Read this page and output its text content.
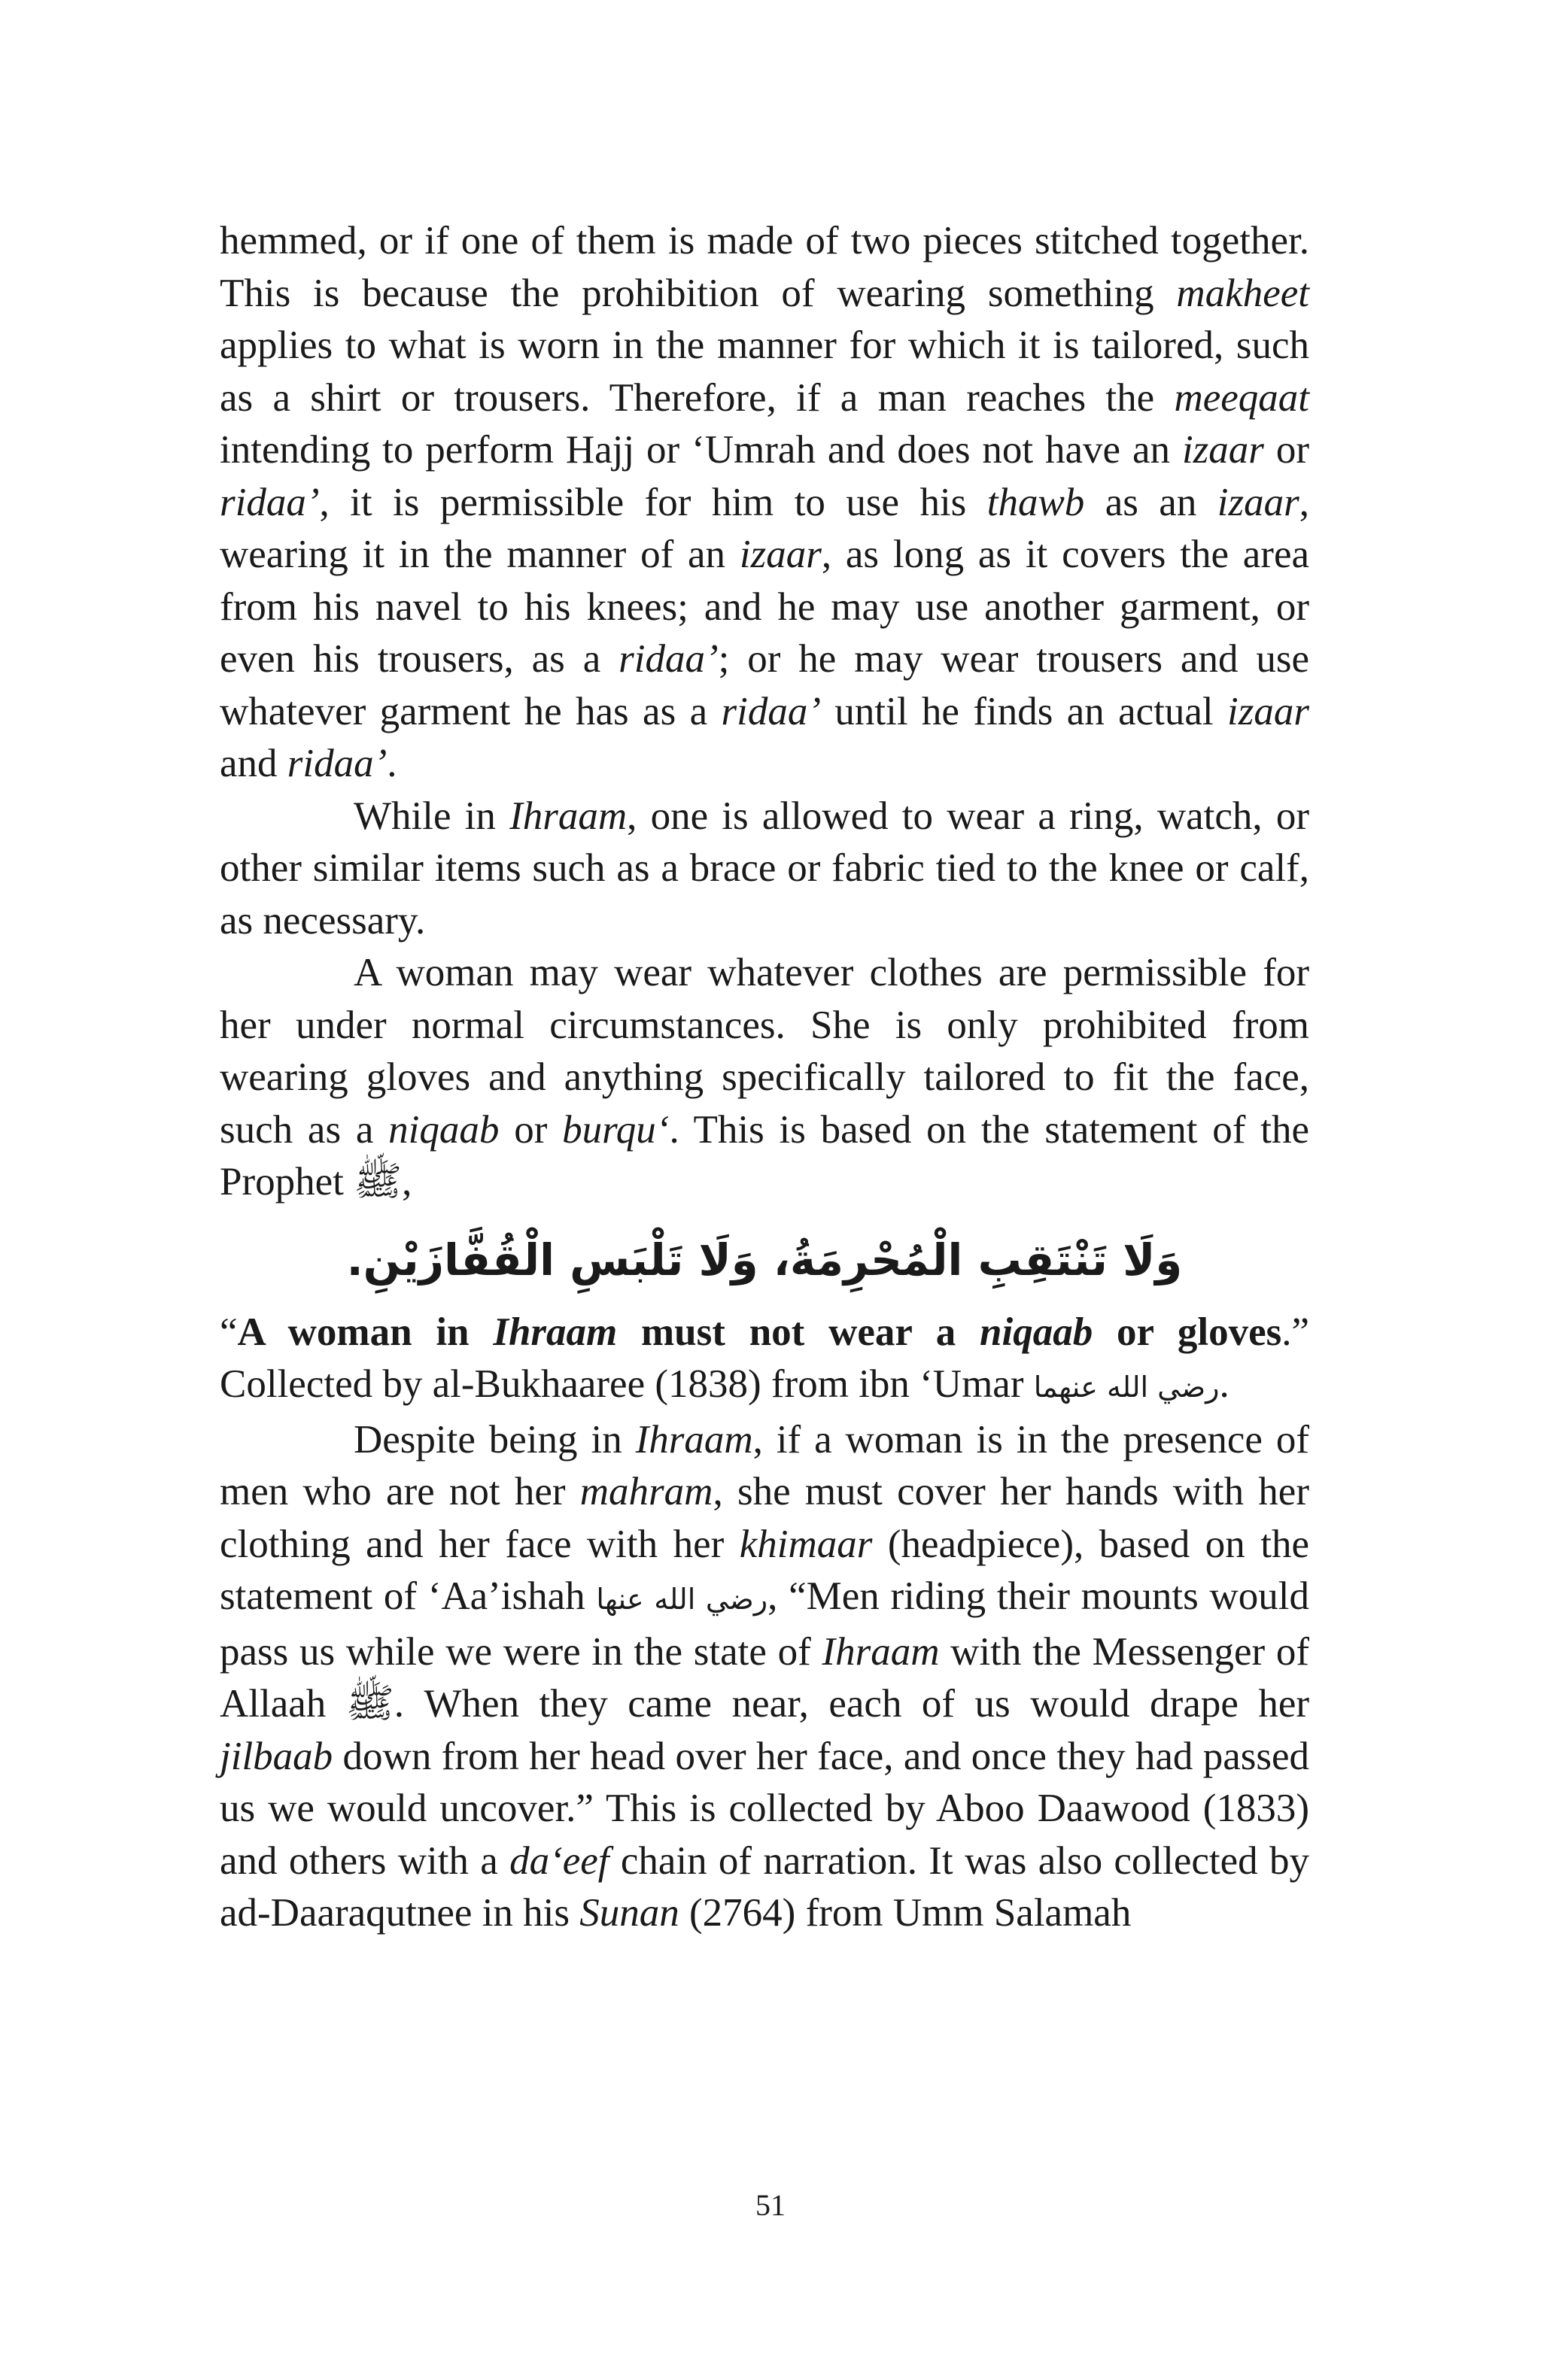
hemmed, or if one of them is made of two pieces stitched together. This is because the prohibition of wearing something makheet applies to what is worn in the manner for which it is tailored, such as a shirt or trousers. Therefore, if a man reaches the meeqaat intending to perform Hajj or ‘Umrah and does not have an izaar or ridaa’, it is permissible for him to use his thawb as an izaar, wearing it in the manner of an izaar, as long as it covers the area from his navel to his knees; and he may use another garment, or even his trousers, as a ridaa’; or he may wear trousers and use whatever garment he has as a ridaa’ until he finds an actual izaar and ridaa’.

While in Ihraam, one is allowed to wear a ring, watch, or other similar items such as a brace or fabric tied to the knee or calf, as necessary.

A woman may wear whatever clothes are permissible for her under normal circumstances. She is only prohibited from wearing gloves and anything specifically tailored to fit the face, such as a niqaab or burqu‘. This is based on the statement of the Prophet ﷺ,

وَلَا تَنْتَقِبِ الْمُحْرِمَةُ، وَلَا تَلْبَسِ الْقُفَّازَيْنِ.

“A woman in Ihraam must not wear a niqaab or gloves.” Collected by al-Bukhaaree (1838) from ibn ‘Umar رضي الله عنهما.

Despite being in Ihraam, if a woman is in the presence of men who are not her mahram, she must cover her hands with her clothing and her face with her khimaar (headpiece), based on the statement of ‘Aa’ishah رضي الله عنها, “Men riding their mounts would pass us while we were in the state of Ihraam with the Messenger of Allaah ﷺ. When they came near, each of us would drape her jilbaab down from her head over her face, and once they had passed us we would uncover.” This is collected by Aboo Daawood (1833) and others with a da‘eef chain of narration. It was also collected by ad-Daaraqutnee in his Sunan (2764) from Umm Salamah

51
